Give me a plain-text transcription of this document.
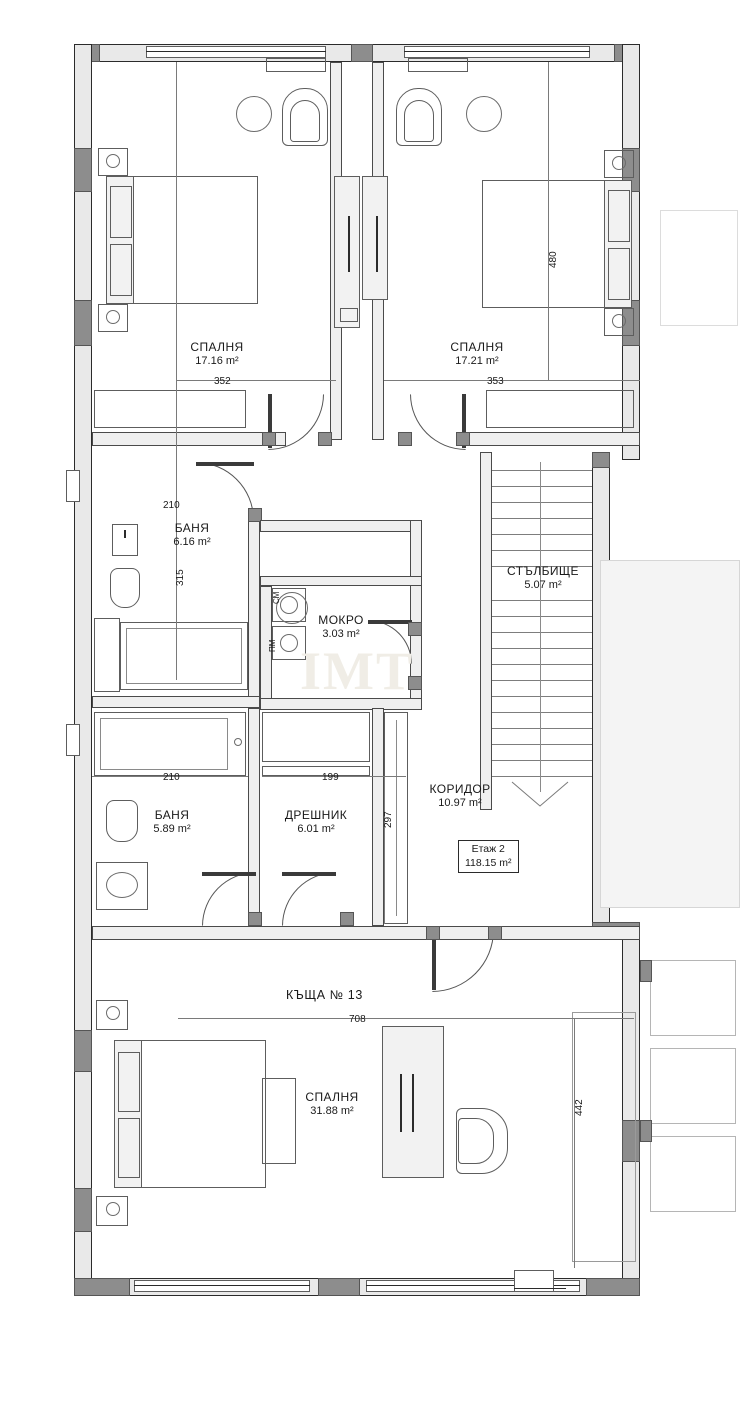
СМ
ПМ
352	353
480
210
315
210	199
297
708
442
СПАЛНЯ
17.16 m²
СПАЛНЯ
17.21 m²
БАНЯ
6.16 m²
МОКРО
3.03 m²
СТЪЛБИЩЕ
5.07 m²
БАНЯ
5.89 m²
ДРЕШНИК
6.01 m²
КОРИДОР
10.97 m²
СПАЛНЯ
31.88 m²
КЪЩА № 13
Етаж 2
118.15 m²
IMT
